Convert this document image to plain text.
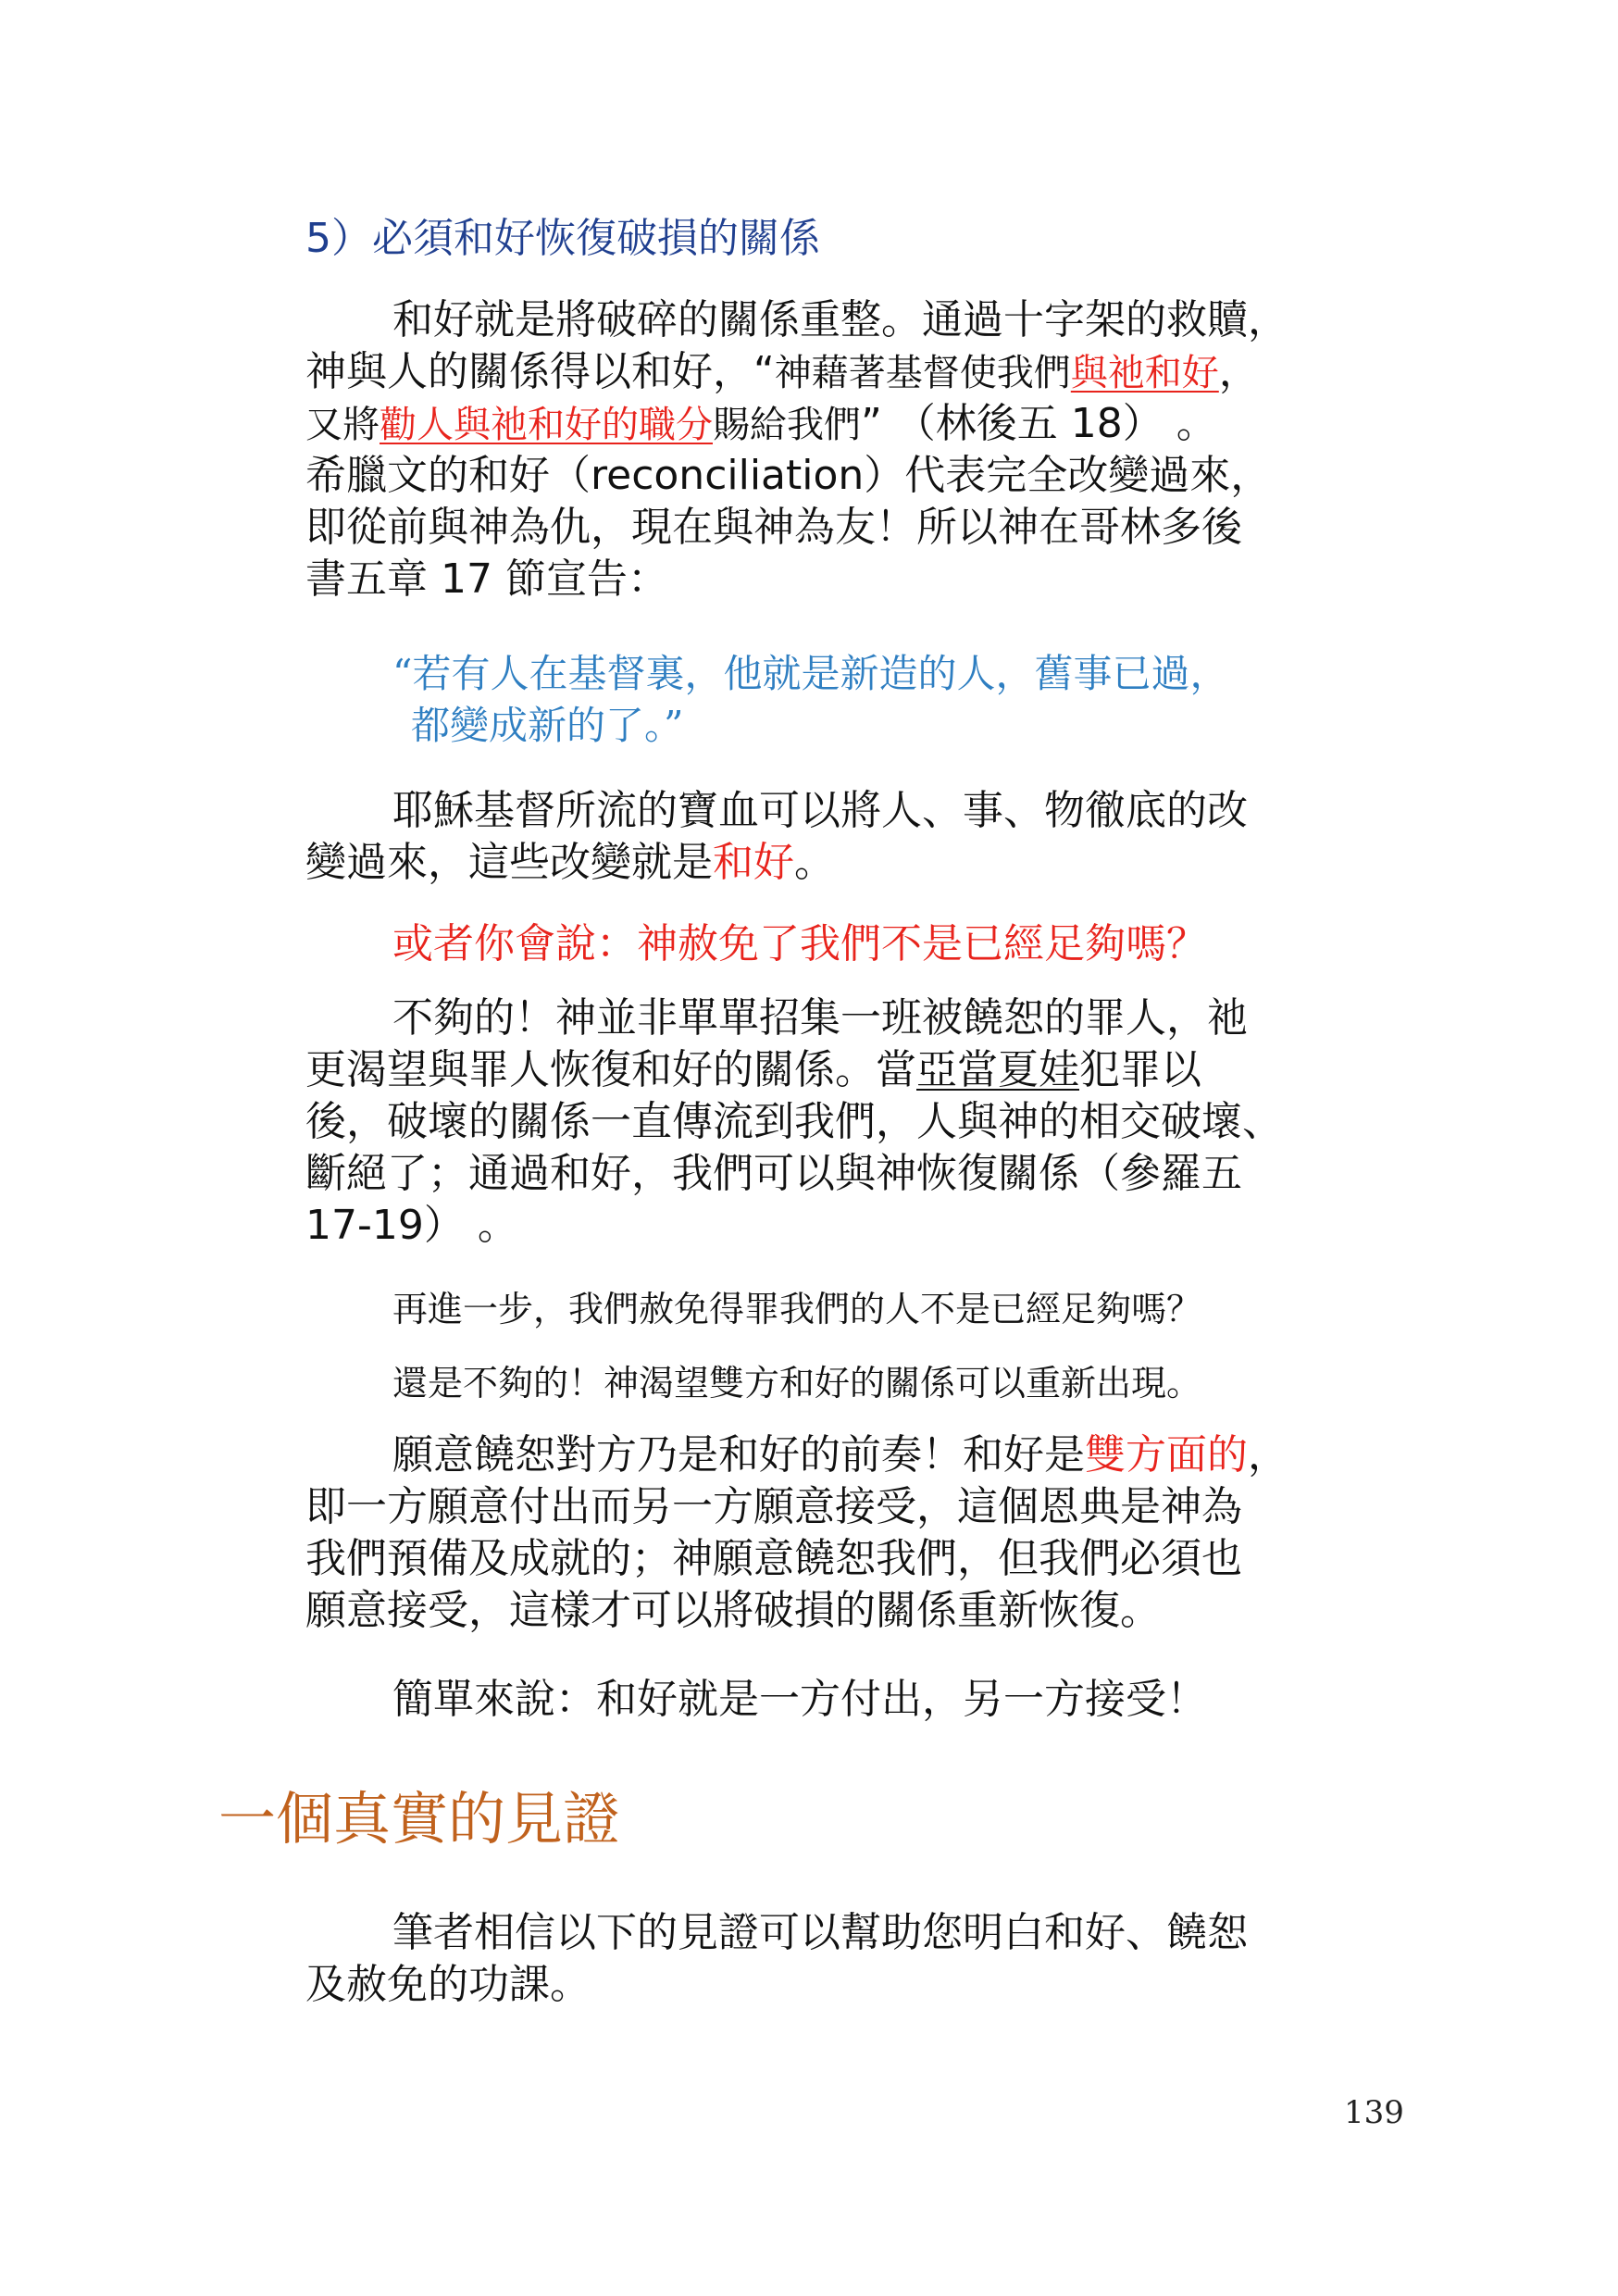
5）必須和好恢復破損的關係
和好就是將破碎的關係重整。通過十字架的救贖，
神與人的關係得以和好，“神藉著基督使我們與祂和好，
又將勸人與祂和好的職分賜給我們” （林後五 18） 。
希臘文的和好（reconciliation）代表完全改變過來，
即從前與神為仇，現在與神為友！所以神在哥林多後
書五章 17 節宣告：
“若有人在基督裏，他就是新造的人，舊事已過，
都變成新的了。”
耶穌基督所流的寶血可以將人、事、物徹底的改
變過來，這些改變就是和好。
或者你會說：神赦免了我們不是已經足夠嗎？
不夠的！神並非單單招集一班被饒恕的罪人，祂
更渴望與罪人恢復和好的關係。當亞當夏娃犯罪以
後，破壞的關係一直傳流到我們，人與神的相交破壞、
斷絕了；通過和好，我們可以與神恢復關係（參羅五
17-19） 。
再進一步，我們赦免得罪我們的人不是已經足夠嗎？
還是不夠的！神渴望雙方和好的關係可以重新出現。
願意饒恕對方乃是和好的前奏！和好是雙方面的，
即一方願意付出而另一方願意接受，這個恩典是神為
我們預備及成就的；神願意饒恕我們，但我們必須也
願意接受，這樣才可以將破損的關係重新恢復。
簡單來說：和好就是一方付出，另一方接受！
一個真實的見證
筆者相信以下的見證可以幫助您明白和好、饒恕
及赦免的功課。
139
